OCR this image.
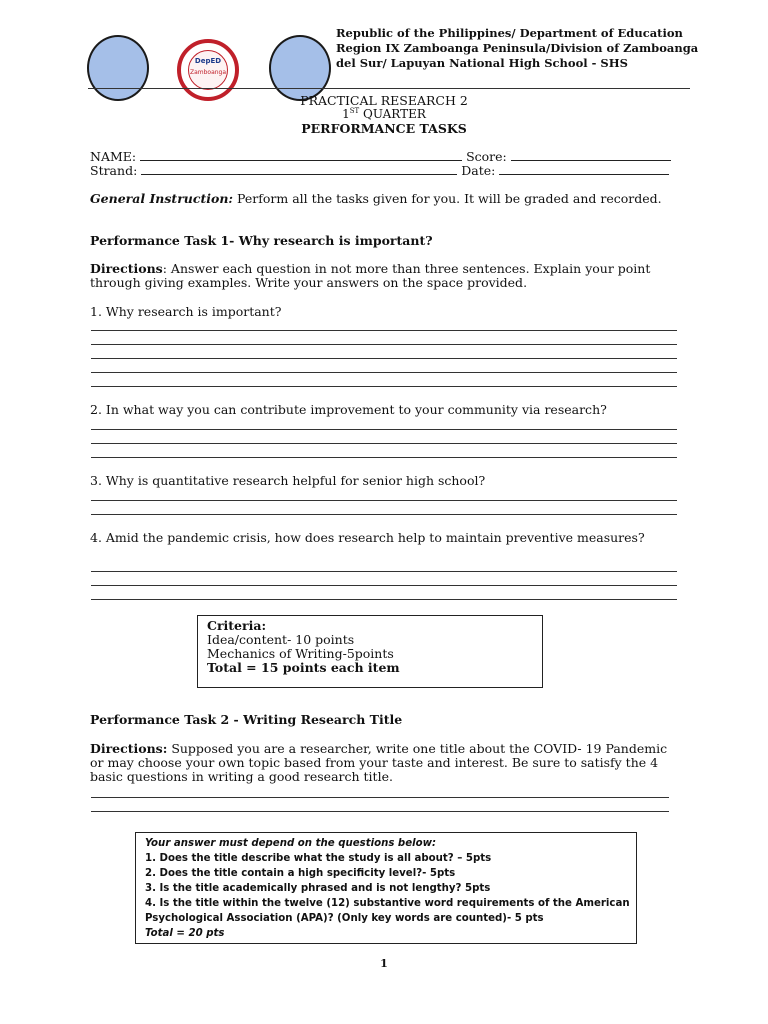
DepED
Zamboanga
Republic of the Philippines/ Department of Education
Region IX Zamboanga Peninsula/Division of Zamboanga
del Sur/ Lapuyan National High School - SHS
PRACTICAL RESEARCH 2
1ST QUARTER
PERFORMANCE TASKS
NAME:	Score:
Strand:	Date:
General Instruction: Perform all the tasks given for you. It will be graded and recorded.
Performance Task 1- Why research is important?
Directions: Answer each question in not more than three sentences. Explain your point through giving examples. Write your answers on the space provided.
1. Why research is important?
2. In what way you can contribute improvement to your community via research?
3. Why is quantitative research helpful for senior high school?
4. Amid the pandemic crisis, how does research help to maintain preventive measures?
Criteria:
Idea/content- 10 points
Mechanics of Writing-5points
Total = 15 points each item
Performance Task 2 - Writing Research Title
Directions: Supposed you are a researcher, write one title about the COVID- 19 Pandemic or may choose your own topic based from your taste and interest. Be sure to satisfy the 4 basic questions in writing a good research title.
Your answer must depend on the questions below:
1. Does the title describe what the study is all about? – 5pts
2. Does the title contain a high specificity level?- 5pts
3. Is the title academically phrased and is not lengthy? 5pts
4. Is the title within the twelve (12) substantive word requirements of the American
Psychological Association (APA)? (Only key words are counted)- 5 pts
Total = 20 pts
1
